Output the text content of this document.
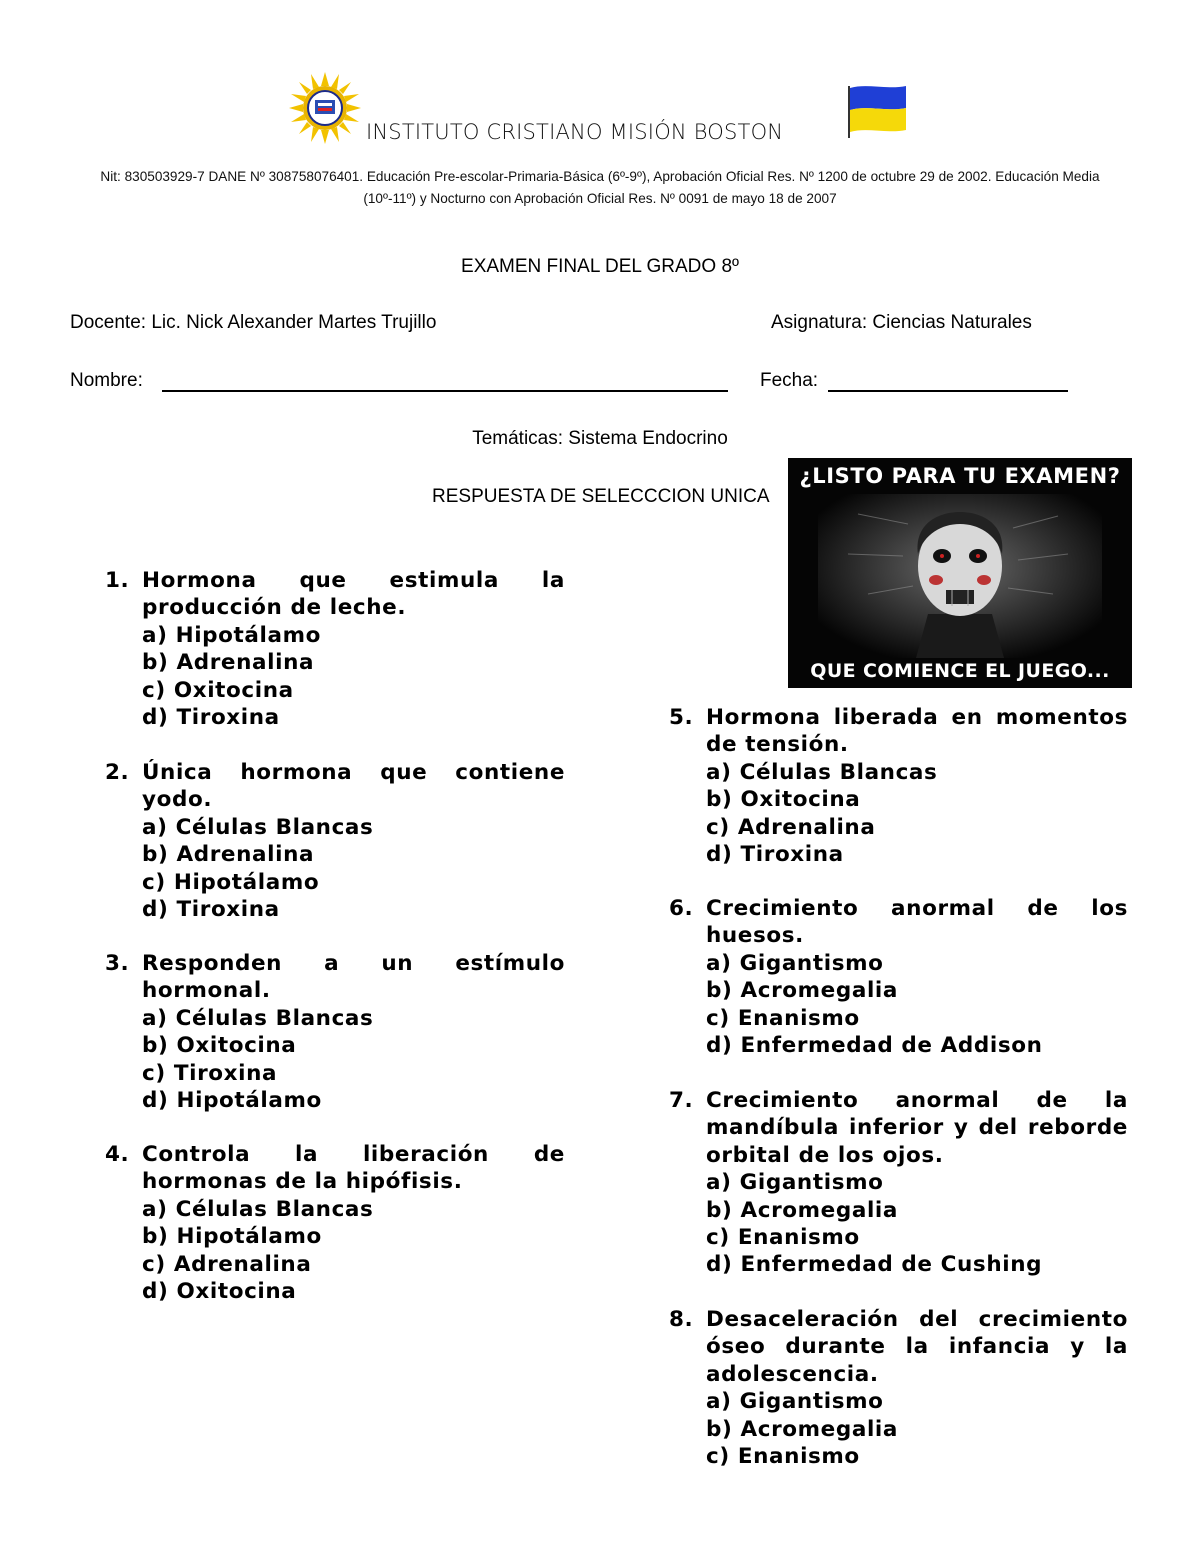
INSTITUTO CRISTIANO MISIÓN BOSTON
Nit: 830503929-7 DANE Nº 308758076401. Educación Pre-escolar-Primaria-Básica (6º-9º), Aprobación Oficial Res. Nº 1200 de octubre 29 de 2002. Educación Media
(10º-11º) y Nocturno con Aprobación Oficial Res. Nº 0091 de mayo 18 de 2007
EXAMEN FINAL DEL GRADO 8º
Docente: Lic. Nick Alexander Martes Trujillo	Asignatura: Ciencias Naturales
Nombre:	Fecha:
Temáticas: Sistema Endocrino
RESPUESTA DE SELECCCION UNICA
¿LISTO PARA TU EXAMEN?
QUE COMIENCE EL JUEGO...
1. Hormona que estimula la producción de leche.
a) Hipotálamo
b) Adrenalina
c) Oxitocina
d) Tiroxina
2. Única hormona que contiene yodo.
a) Células Blancas
b) Adrenalina
c) Hipotálamo
d) Tiroxina
3. Responden a un estímulo hormonal.
a) Células Blancas
b) Oxitocina
c) Tiroxina
d) Hipotálamo
4. Controla la liberación de hormonas de la hipófisis.
a) Células Blancas
b) Hipotálamo
c) Adrenalina
d) Oxitocina
5. Hormona liberada en momentos de tensión.
a) Células Blancas
b) Oxitocina
c) Adrenalina
d) Tiroxina
6. Crecimiento anormal de los huesos.
a) Gigantismo
b) Acromegalia
c) Enanismo
d) Enfermedad de Addison
7. Crecimiento anormal de la mandíbula inferior y del reborde orbital de los ojos.
a) Gigantismo
b) Acromegalia
c) Enanismo
d) Enfermedad de Cushing
8. Desaceleración del crecimiento óseo durante la infancia y la adolescencia.
a) Gigantismo
b) Acromegalia
c) Enanismo
